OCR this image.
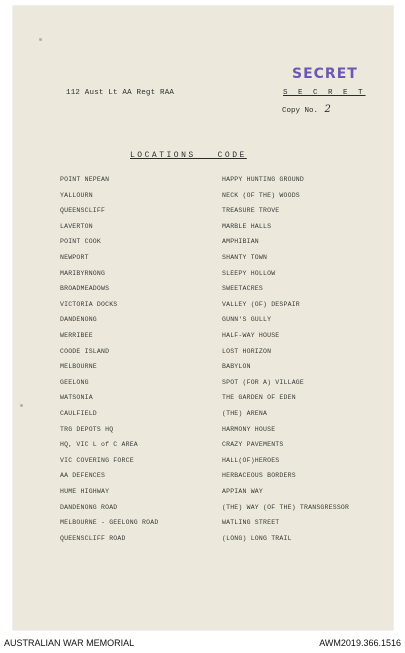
SECRET
112 Aust Lt AA Regt RAA	S E C R E T
Copy No. 2
LOCATIONS   CODE
POINT NEPEAN	HAPPY HUNTING GROUND
YALLOURN	NECK (OF THE) WOODS
QUEENSCLIFF	TREASURE TROVE
LAVERTON	MARBLE HALLS
POINT COOK	AMPHIBIAN
NEWPORT	SHANTY TOWN
MARIBYRNONG	SLEEPY HOLLOW
BROADMEADOWS	SWEETACRES
VICTORIA DOCKS	VALLEY (OF) DESPAIR
DANDENONG	GUNN'S GULLY
WERRIBEE	HALF-WAY HOUSE
COODE ISLAND	LOST HORIZON
MELBOURNE	BABYLON
GEELONG	SPOT (FOR A) VILLAGE
WATSONIA	THE GARDEN OF EDEN
CAULFIELD	(THE) ARENA
TRG DEPOTS HQ	HARMONY HOUSE
HQ, VIC L of C AREA	CRAZY PAVEMENTS
VIC COVERING FORCE	HALL(OF)HEROES
AA DEFENCES	HERBACEOUS BORDERS
HUME HIGHWAY	APPIAN WAY
DANDENONG ROAD	(THE) WAY (OF THE) TRANSGRESSOR
MELBOURNE - GEELONG ROAD	WATLING STREET
QUEENSCLIFF ROAD	(LONG) LONG TRAIL
AUSTRALIAN WAR MEMORIAL	AWM2019.366.1516
